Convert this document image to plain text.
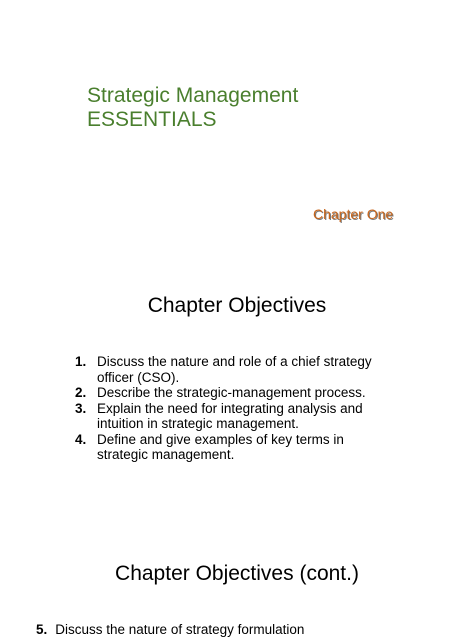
Strategic Management
ESSENTIALS
Chapter One
Chapter Objectives
1. Discuss the nature and role of a chief strategy officer (CSO).
2. Describe the strategic-management process.
3. Explain the need for integrating analysis and intuition in strategic management.
4. Define and give examples of key terms in strategic management.
Chapter Objectives (cont.)
5. Discuss the nature of strategy formulation
